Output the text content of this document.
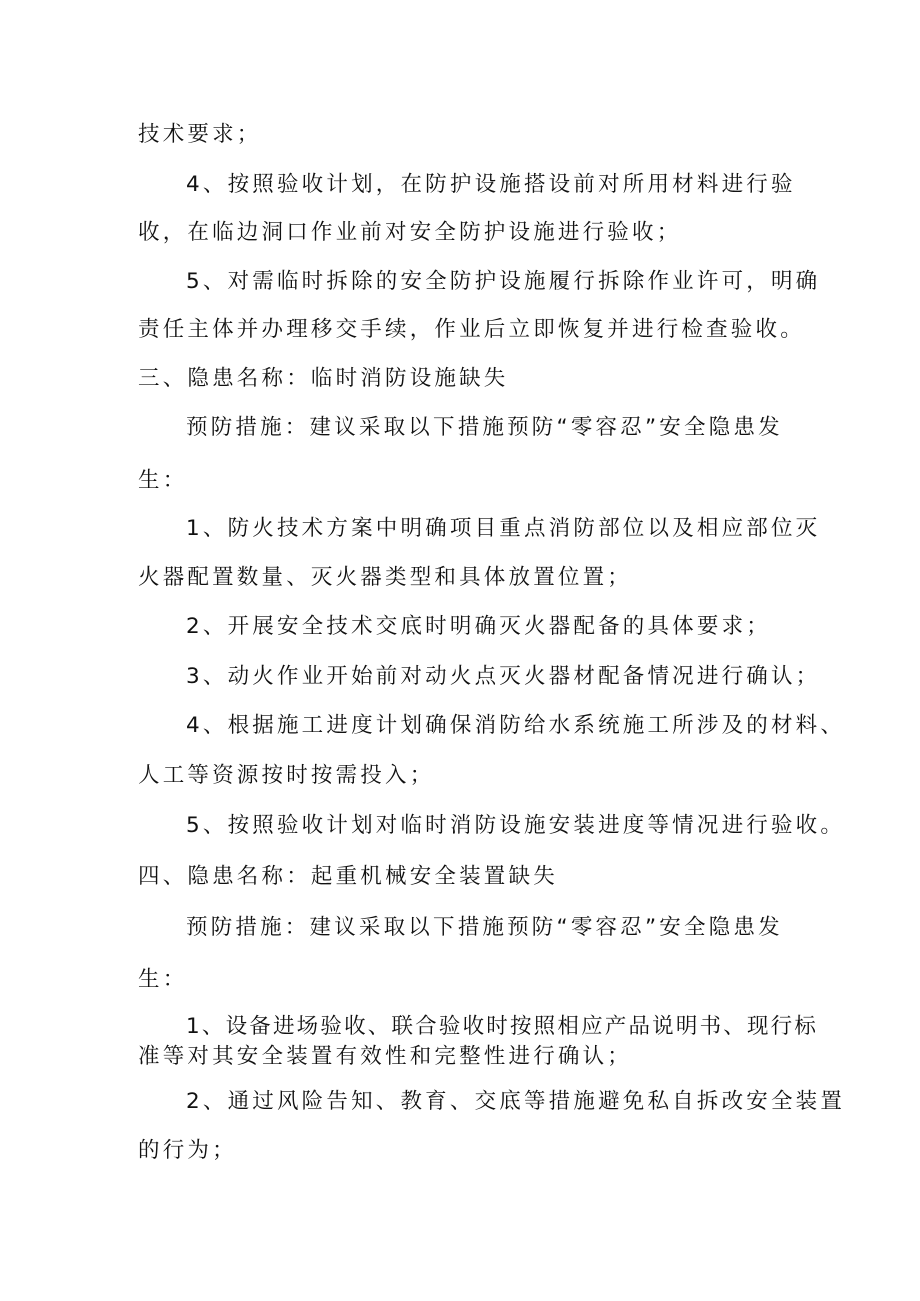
技术要求；
4、按照验收计划，在防护设施搭设前对所用材料进行验
收，在临边洞口作业前对安全防护设施进行验收；
5、对需临时拆除的安全防护设施履行拆除作业许可，明确
责任主体并办理移交手续，作业后立即恢复并进行检查验收。
三、隐患名称：临时消防设施缺失
预防措施：建议采取以下措施预防“零容忍”安全隐患发
生：
1、防火技术方案中明确项目重点消防部位以及相应部位灭
火器配置数量、灭火器类型和具体放置位置；
2、开展安全技术交底时明确灭火器配备的具体要求；
3、动火作业开始前对动火点灭火器材配备情况进行确认；
4、根据施工进度计划确保消防给水系统施工所涉及的材料、
人工等资源按时按需投入；
5、按照验收计划对临时消防设施安装进度等情况进行验收。
四、隐患名称：起重机械安全装置缺失
预防措施：建议采取以下措施预防“零容忍”安全隐患发
生：
1、设备进场验收、联合验收时按照相应产品说明书、现行标
准等对其安全装置有效性和完整性进行确认；
2、通过风险告知、教育、交底等措施避免私自拆改安全装置
的行为；
